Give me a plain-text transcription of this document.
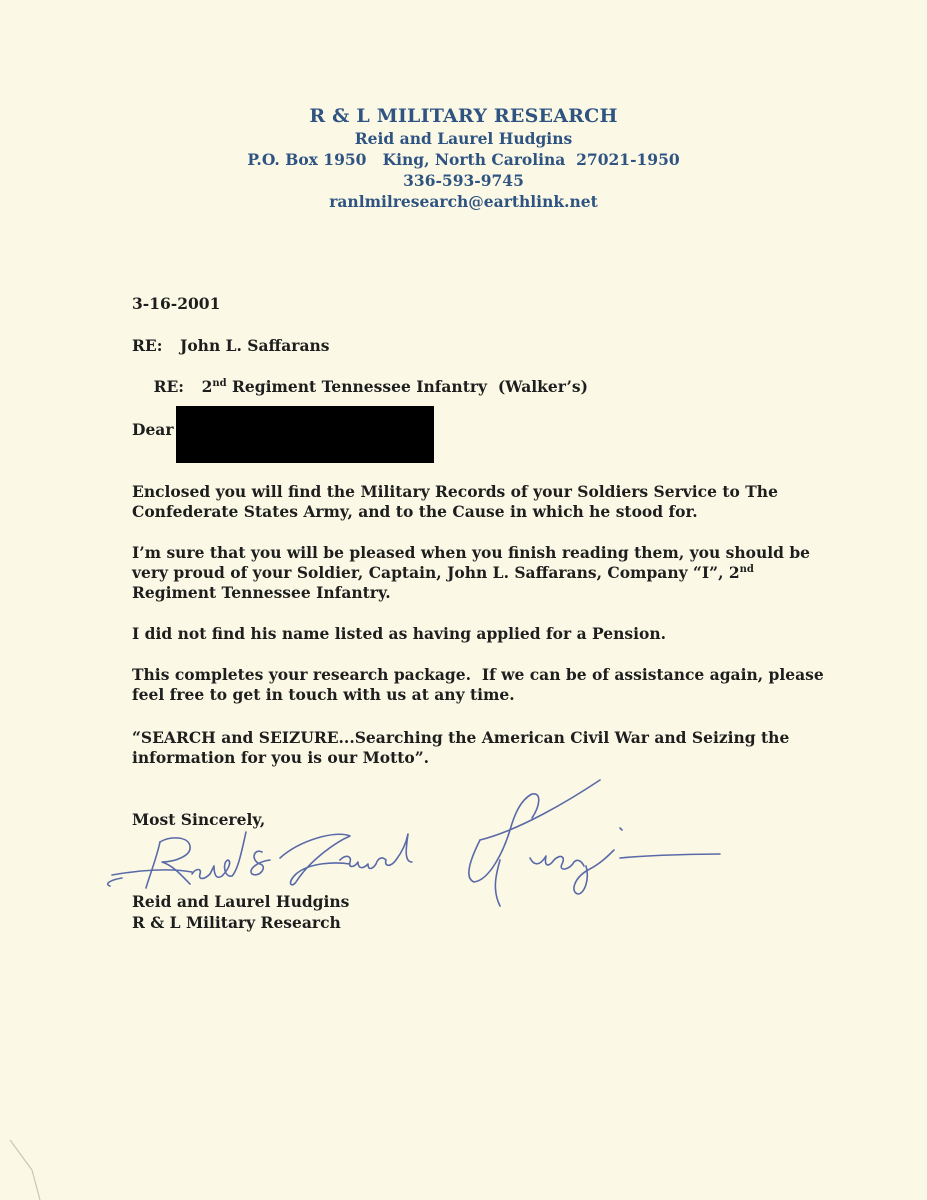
R & L MILITARY RESEARCH
Reid and Laurel Hudgins
P.O. Box 1950   King, North Carolina  27021-1950
336-593-9745
ranlmilresearch@earthlink.net
3-16-2001
RE: John L. Saffarans

RE: 2nd Regiment Tennessee Infantry  (Walker’s)

Dear
Enclosed you will find the Military Records of your Soldiers Service to The Confederate States Army, and to the Cause in which he stood for.
I’m sure that you will be pleased when you finish reading them, you should be very proud of your Soldier, Captain, John L. Saffarans, Company “I”, 2nd Regiment Tennessee Infantry.
I did not find his name listed as having applied for a Pension.
This completes your research package.  If we can be of assistance again, please feel free to get in touch with us at any time.
“SEARCH and SEIZURE...Searching the American Civil War and Seizing the information for you is our Motto”.
Most Sincerely,
Reid and Laurel Hudgins
R & L Military Research
